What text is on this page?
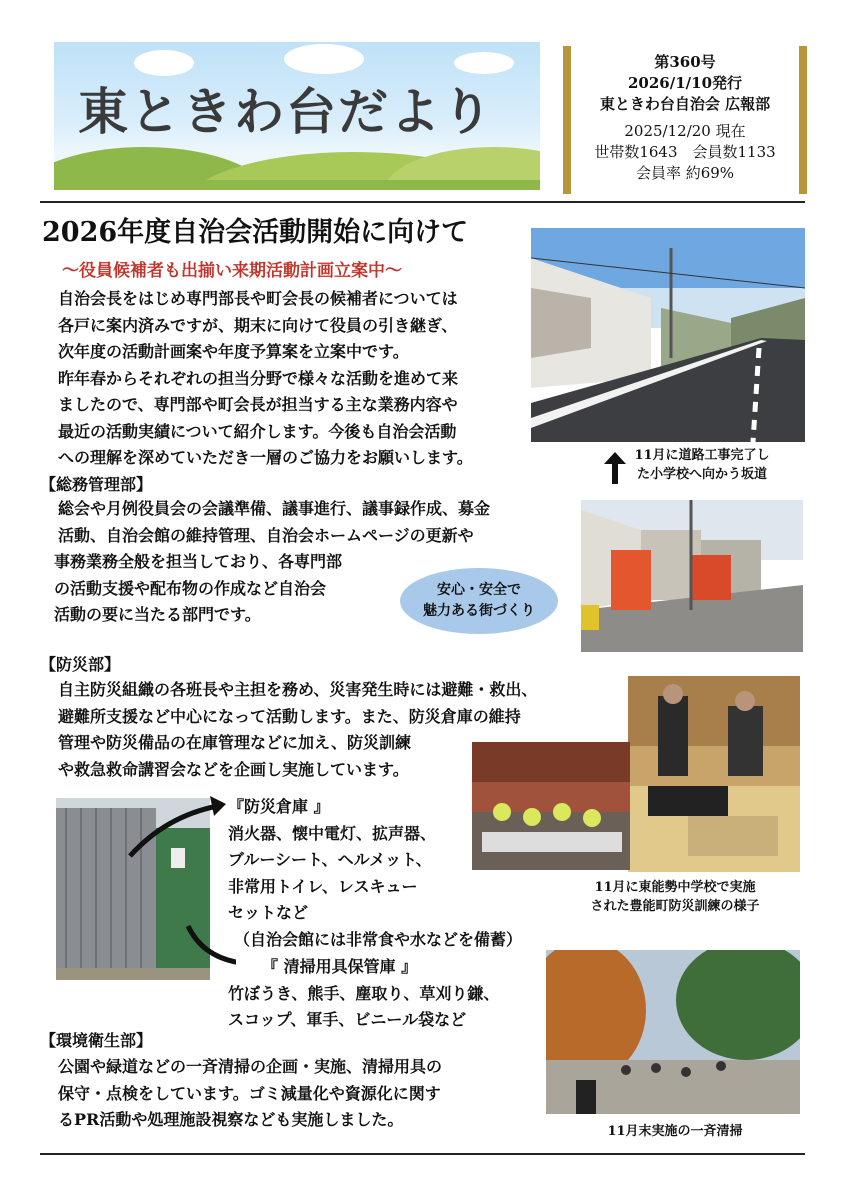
東ときわ台だより
第360号
2026/1/10発行
東ときわ台自治会 広報部
2025/12/20 現在
世帯数1643　会員数1133
会員率 約69%
2026年度自治会活動開始に向けて
～役員候補者も出揃い来期活動計画立案中～
自治会長をはじめ専門部長や町会長の候補者については
各戸に案内済みですが、期末に向けて役員の引き継ぎ、
次年度の活動計画案や年度予算案を立案中です。
昨年春からそれぞれの担当分野で様々な活動を進めて来
ましたので、専門部や町会長が担当する主な業務内容や
最近の活動実績について紹介します。今後も自治会活動
への理解を深めていただき一層のご協力をお願いします。	11月に道路工事完了し
た小学校へ向かう坂道
【総務管理部】
総会や月例役員会の会議準備、議事進行、議事録作成、募金
活動、自治会館の維持管理、自治会ホームページの更新や
事務業務全般を担当しており、各専門部
の活動支援や配布物の作成など自治会
活動の要に当たる部門です。
安心・安全で
魅力ある街づくり
【防災部】
自主防災組織の各班長や主担を務め、災害発生時には避難・救出、
避難所支援など中心になって活動します。また、防災倉庫の維持
管理や防災備品の在庫管理などに加え、防災訓練
や救急救命講習会などを企画し実施しています。
11月に東能勢中学校で実施
された豊能町防災訓練の様子
『防災倉庫 』
消火器、懐中電灯、拡声器、
ブルーシート、ヘルメット、
非常用トイレ、レスキュー
セットなど
（自治会館には非常食や水などを備蓄）
『 清掃用具保管庫 』
竹ぼうき、熊手、塵取り、草刈り鎌、
スコップ、軍手、ビニール袋など
11月末実施の一斉清掃
【環境衛生部】
公園や緑道などの一斉清掃の企画・実施、清掃用具の
保守・点検をしています。ゴミ減量化や資源化に関す
るPR活動や処理施設視察なども実施しました。
